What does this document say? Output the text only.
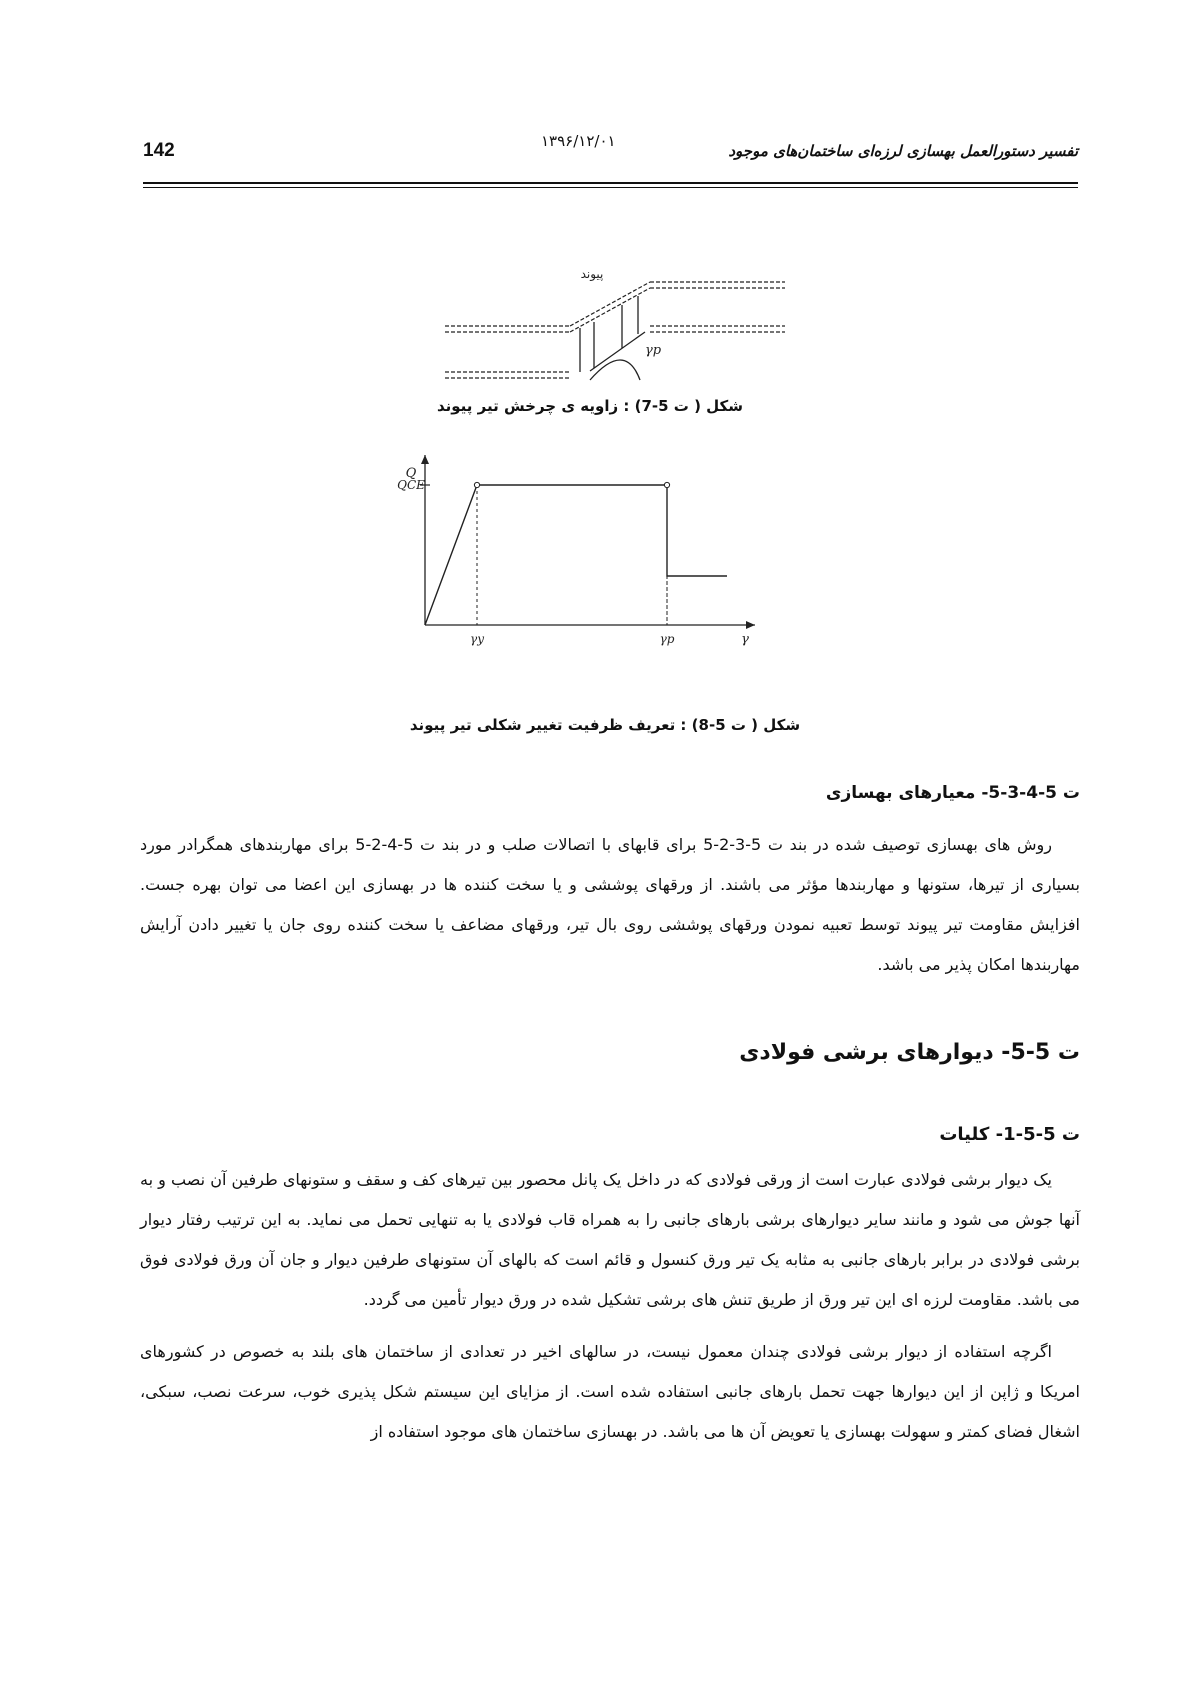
142	۱۳۹۶/۱۲/۰۱
تفسیر دستورالعمل بهسازی لرزه‌ای ساختمان‌های موجود
پیوند
γp
شکل ( ت 5-7) : زاویه ی چرخش تیر پیوند
Q
γ
QCE
γy	γp
شکل ( ت 5-8) : تعریف ظرفیت تغییر شکلی تیر پیوند
ت 5-4-3-5- معیارهای بهسازی

روش های بهسازی توصیف شده در بند ت 5-3-2-5 برای قابهای با اتصالات صلب و در بند ت 5-4-2-5 برای مهاربندهای همگرادر مورد بسیاری از تیرها، ستونها و مهاربندها مؤثر می باشند. از ورقهای پوششی و یا سخت کننده ها در بهسازی این اعضا می توان بهره جست. افزایش مقاومت تیر پیوند توسط تعبیه نمودن ورقهای پوششی روی بال تیر، ورقهای مضاعف یا سخت کننده روی جان یا تغییر دادن آرایش مهاربندها امکان پذیر می باشد.

ت 5-5- دیوارهای برشی فولادی
ت 5-5-1- کلیات

یک دیوار برشی فولادی عبارت است از ورقی فولادی که در داخل یک پانل محصور بین تیرهای کف و سقف و ستونهای طرفین آن نصب و به آنها جوش می شود و مانند سایر دیوارهای برشی بارهای جانبی را به همراه قاب فولادی یا به تنهایی تحمل می نماید. به این ترتیب رفتار دیوار برشی فولادی در برابر بارهای جانبی به مثابه یک تیر ورق کنسول و قائم است که بالهای آن ستونهای طرفین دیوار و جان آن ورق فولادی فوق می باشد. مقاومت لرزه ای این تیر ورق از طریق تنش های برشی تشکیل شده در ورق دیوار تأمین می گردد.

اگرچه استفاده از دیوار برشی فولادی چندان معمول نیست، در سالهای اخیر در تعدادی از ساختمان های بلند به خصوص در کشورهای امریکا و ژاپن از این دیوارها جهت تحمل بارهای جانبی استفاده شده است. از مزایای این سیستم شکل پذیری خوب، سرعت نصب، سبکی، اشغال فضای کمتر و سهولت بهسازی یا تعویض آن ها می باشد. در بهسازی ساختمان های موجود استفاده از
